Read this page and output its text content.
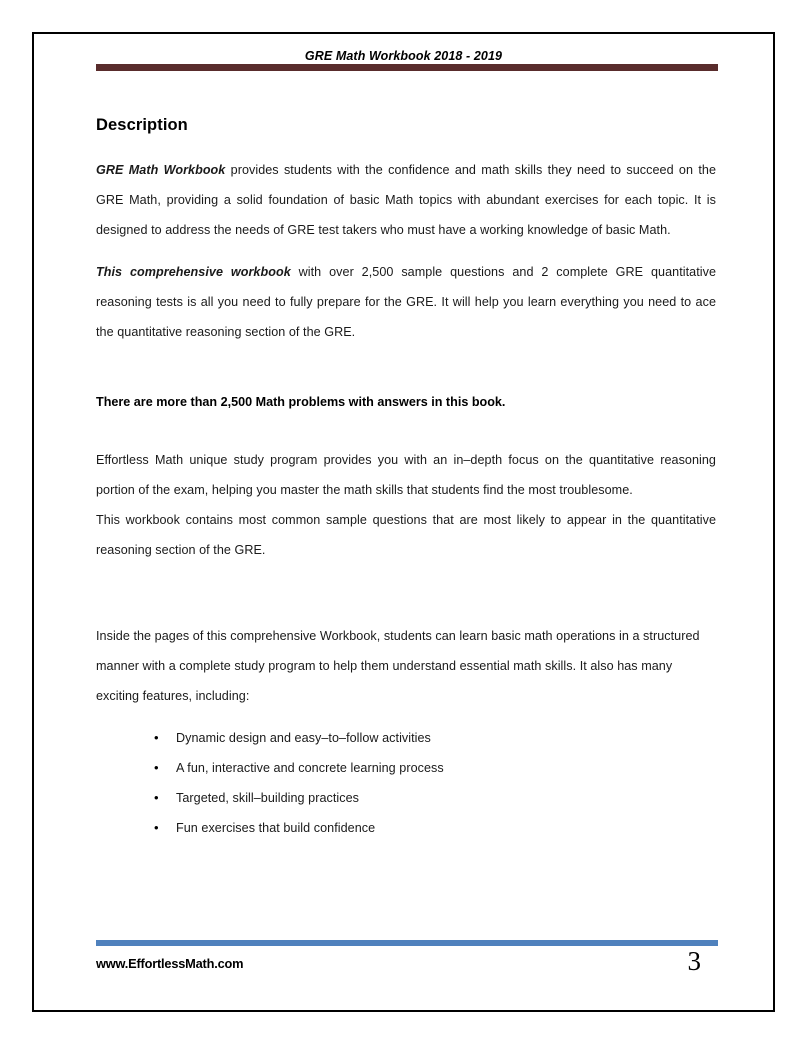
GRE Math Workbook 2018 - 2019
Description

GRE Math Workbook provides students with the confidence and math skills they need to succeed on the GRE Math, providing a solid foundation of basic Math topics with abundant exercises for each topic. It is designed to address the needs of GRE test takers who must have a working knowledge of basic Math.

This comprehensive workbook with over 2,500 sample questions and 2 complete GRE quantitative reasoning tests is all you need to fully prepare for the GRE. It will help you learn everything you need to ace the quantitative reasoning section of the GRE.

There are more than 2,500 Math problems with answers in this book.

Effortless Math unique study program provides you with an in–depth focus on the quantitative reasoning portion of the exam, helping you master the math skills that students find the most troublesome.

This workbook contains most common sample questions that are most likely to appear in the quantitative reasoning section of the GRE.

Inside the pages of this comprehensive Workbook, students can learn basic math operations in a structured manner with a complete study program to help them understand essential math skills. It also has many exciting features, including:

• Dynamic design and easy–to–follow activities
• A fun, interactive and concrete learning process
• Targeted, skill–building practices
• Fun exercises that build confidence
www.EffortlessMath.com	3
